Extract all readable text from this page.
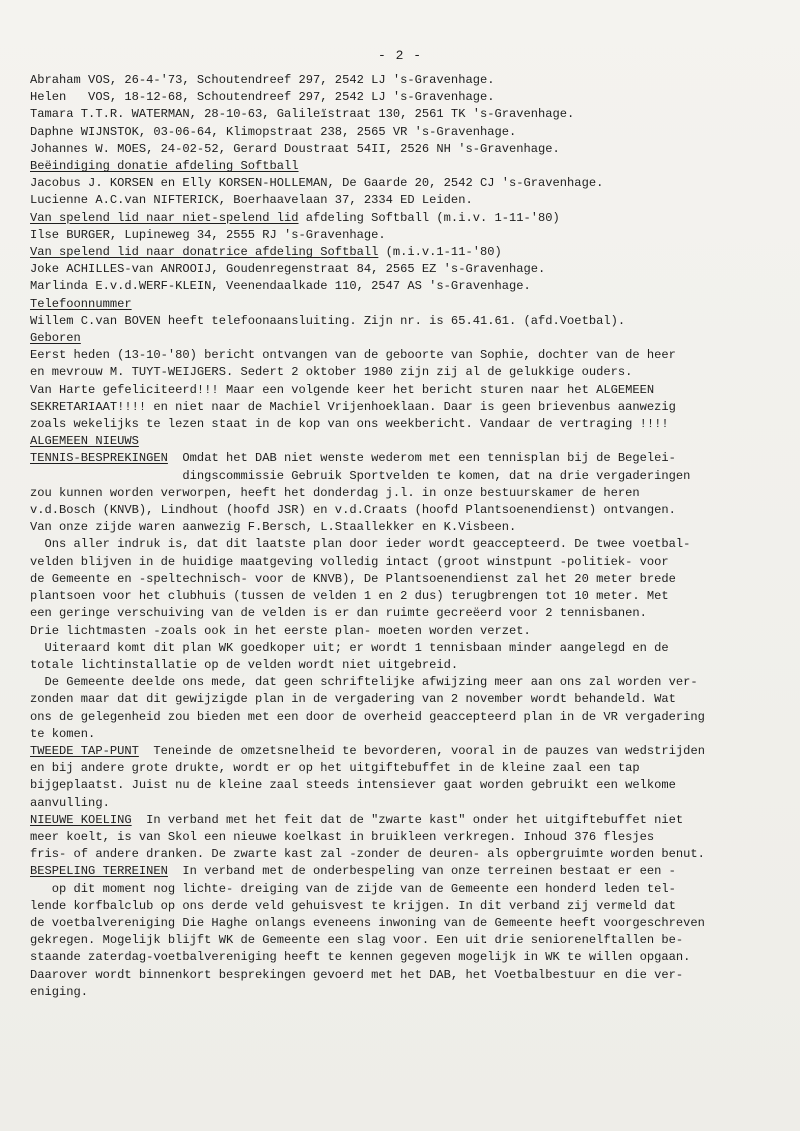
- 2 -
Abraham VOS, 26-4-'73, Schoutendreef 297, 2542 LJ 's-Gravenhage.
Helen   VOS, 18-12-68, Schoutendreef 297, 2542 LJ 's-Gravenhage.
Tamara T.T.R. WATERMAN, 28-10-63, Galileïstraat 130, 2561 TK 's-Gravenhage.
Daphne WIJNSTOK, 03-06-64, Klimopstraat 238, 2565 VR 's-Gravenhage.
Johannes W. MOES, 24-02-52, Gerard Doustraat 54II, 2526 NH 's-Gravenhage.
Beëindiging donatie afdeling Softball
Jacobus J. KORSEN en Elly KORSEN-HOLLEMAN, De Gaarde 20, 2542 CJ 's-Gravenhage.
Lucienne A.C.van NIFTERICK, Boerhaavelaan 37, 2334 ED Leiden.
Van spelend lid naar niet-spelend lid afdeling Softball (m.i.v. 1-11-'80)
Ilse BURGER, Lupineweg 34, 2555 RJ 's-Gravenhage.
Van spelend lid naar donatrice afdeling Softball (m.i.v.1-11-'80)
Joke ACHILLES-van ANROOIJ, Goudenregenstraat 84, 2565 EZ 's-Gravenhage.
Marlinda E.v.d.WERF-KLEIN, Veenendaalkade 110, 2547 AS 's-Gravenhage.
Telefoonnummer
Willem C.van BOVEN heeft telefoonaansluiting. Zijn nr. is 65.41.61. (afd.Voetbal).
Geboren
Eerst heden (13-10-'80) bericht ontvangen van de geboorte van Sophie, dochter van de heer
en mevrouw M. TUYT-WEIJGERS. Sedert 2 oktober 1980 zijn zij al de gelukkige ouders.
Van Harte gefeliciteerd!!! Maar een volgende keer het bericht sturen naar het ALGEMEEN
SEKRETARIAAT!!!! en niet naar de Machiel Vrijenhoeklaan. Daar is geen brievenbus aanwezig
zoals wekelijks te lezen staat in de kop van ons weekbericht. Vandaar de vertraging !!!!
ALGEMEEN NIEUWS
TENNIS-BESPREKINGEN  Omdat het DAB niet wenste wederom met een tennisplan bij de Begelei-
dingscommissie Gebruik Sportvelden te komen, dat na drie vergaderingen
zou kunnen worden verworpen, heeft het donderdag j.l. in onze bestuurskamer de heren
v.d.Bosch (KNVB), Lindhout (hoofd JSR) en v.d.Craats (hoofd Plantsoenendienst) ontvangen.
Van onze zijde waren aanwezig F.Bersch, L.Staallekker en K.Visbeen.
Ons aller indruk is, dat dit laatste plan door ieder wordt geaccepteerd. De twee voetbal-
velden blijven in de huidige maatgeving volledig intact (groot winstpunt -politiek- voor
de Gemeente en -speltechnisch- voor de KNVB), De Plantsoenendienst zal het 20 meter brede
plantsoen voor het clubhuis (tussen de velden 1 en 2 dus) terugbrengen tot 10 meter. Met
een geringe verschuiving van de velden is er dan ruimte gecreëerd voor 2 tennisbanen.
Drie lichtmasten -zoals ook in het eerste plan- moeten worden verzet.
Uiteraard komt dit plan WK goedkoper uit; er wordt 1 tennisbaan minder aangelegd en de
totale lichtinstallatie op de velden wordt niet uitgebreid.
De Gemeente deelde ons mede, dat geen schriftelijke afwijzing meer aan ons zal worden ver-
zonden maar dat dit gewijzigde plan in de vergadering van 2 november wordt behandeld. Wat
ons de gelegenheid zou bieden met een door de overheid geaccepteerd plan in de VR vergadering
te komen.
TWEEDE TAP-PUNT  Teneinde de omzetsnelheid te bevorderen, vooral in de pauzes van wedstrijden
en bij andere grote drukte, wordt er op het uitgiftebuffet in de kleine zaal een tap
bijgeplaatst. Juist nu de kleine zaal steeds intensiever gaat worden gebruikt een welkome
aanvulling.
NIEUWE KOELING  In verband met het feit dat de "zwarte kast" onder het uitgiftebuffet niet
meer koelt, is van Skol een nieuwe koelkast in bruikleen verkregen. Inhoud 376 flesjes
fris- of andere dranken. De zwarte kast zal -zonder de deuren- als opbergruimte worden benut.
BESPELING TERREINEN  In verband met de onderbespeling van onze terreinen bestaat er een -
op dit moment nog lichte- dreiging van de zijde van de Gemeente een honderd leden tel-
lende korfbalclub op ons derde veld gehuisvest te krijgen. In dit verband zij vermeld dat
de voetbalvereniging Die Haghe onlangs eveneens inwoning van de Gemeente heeft voorgeschreven
gekregen. Mogelijk blijft WK de Gemeente een slag voor. Een uit drie seniorenelftallen be-
staande zaterdag-voetbalvereniging heeft te kennen gegeven mogelijk in WK te willen opgaan.
Daarover wordt binnenkort besprekingen gevoerd met het DAB, het Voetbalbestuur en die ver-
eniging.
